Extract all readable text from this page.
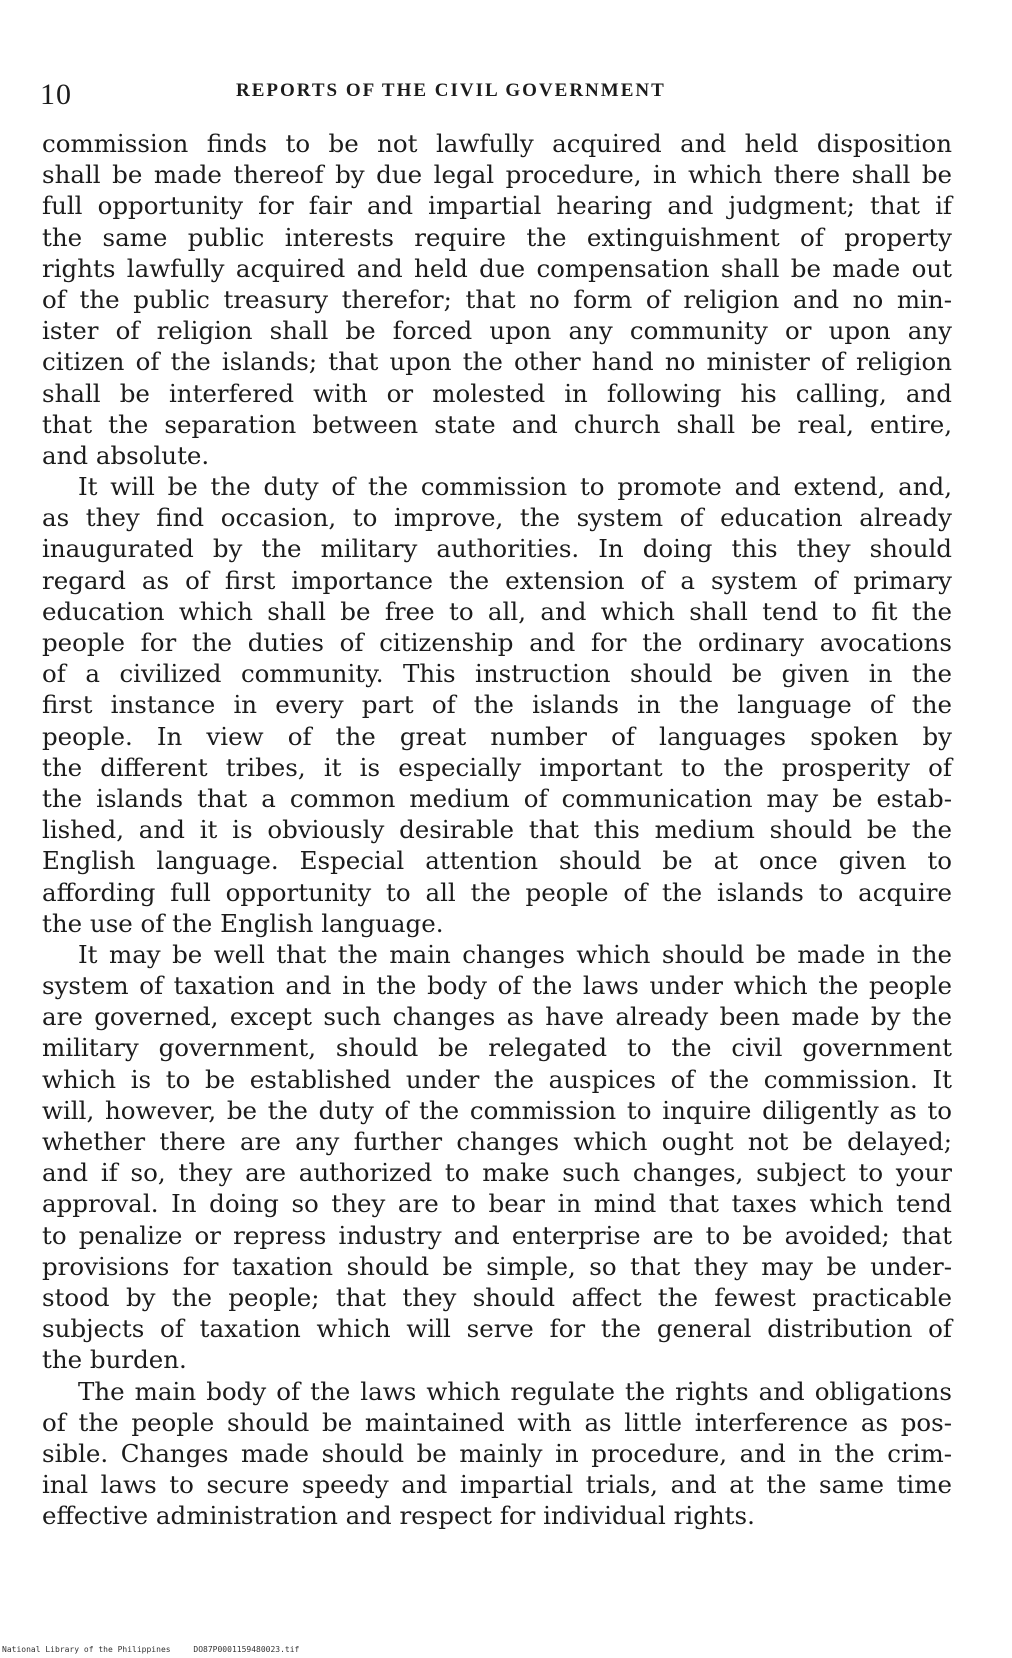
10	REPORTS OF THE CIVIL GOVERNMENT
commission finds to be not lawfully acquired and held disposition
shall be made thereof by due legal procedure, in which there shall be
full opportunity for fair and impartial hearing and judgment; that if
the same public interests require the extinguishment of property
rights lawfully acquired and held due compensation shall be made out
of the public treasury therefor; that no form of religion and no min-
ister of religion shall be forced upon any community or upon any
citizen of the islands; that upon the other hand no minister of religion
shall be interfered with or molested in following his calling, and
that the separation between state and church shall be real, entire,
and absolute.
It will be the duty of the commission to promote and extend, and,
as they find occasion, to improve, the system of education already
inaugurated by the military authorities. In doing this they should
regard as of first importance the extension of a system of primary
education which shall be free to all, and which shall tend to fit the
people for the duties of citizenship and for the ordinary avocations
of a civilized community. This instruction should be given in the
first instance in every part of the islands in the language of the
people. In view of the great number of languages spoken by
the different tribes, it is especially important to the prosperity of
the islands that a common medium of communication may be estab-
lished, and it is obviously desirable that this medium should be the
English language. Especial attention should be at once given to
affording full opportunity to all the people of the islands to acquire
the use of the English language.
It may be well that the main changes which should be made in the
system of taxation and in the body of the laws under which the people
are governed, except such changes as have already been made by the
military government, should be relegated to the civil government
which is to be established under the auspices of the commission. It
will, however, be the duty of the commission to inquire diligently as to
whether there are any further changes which ought not be delayed;
and if so, they are authorized to make such changes, subject to your
approval. In doing so they are to bear in mind that taxes which tend
to penalize or repress industry and enterprise are to be avoided; that
provisions for taxation should be simple, so that they may be under-
stood by the people; that they should affect the fewest practicable
subjects of taxation which will serve for the general distribution of
the burden.
The main body of the laws which regulate the rights and obligations
of the people should be maintained with as little interference as pos-
sible. Changes made should be mainly in procedure, and in the crim-
inal laws to secure speedy and impartial trials, and at the same time
effective administration and respect for individual rights.
National Library of the Philippines	DO87P0001159480023.tif
